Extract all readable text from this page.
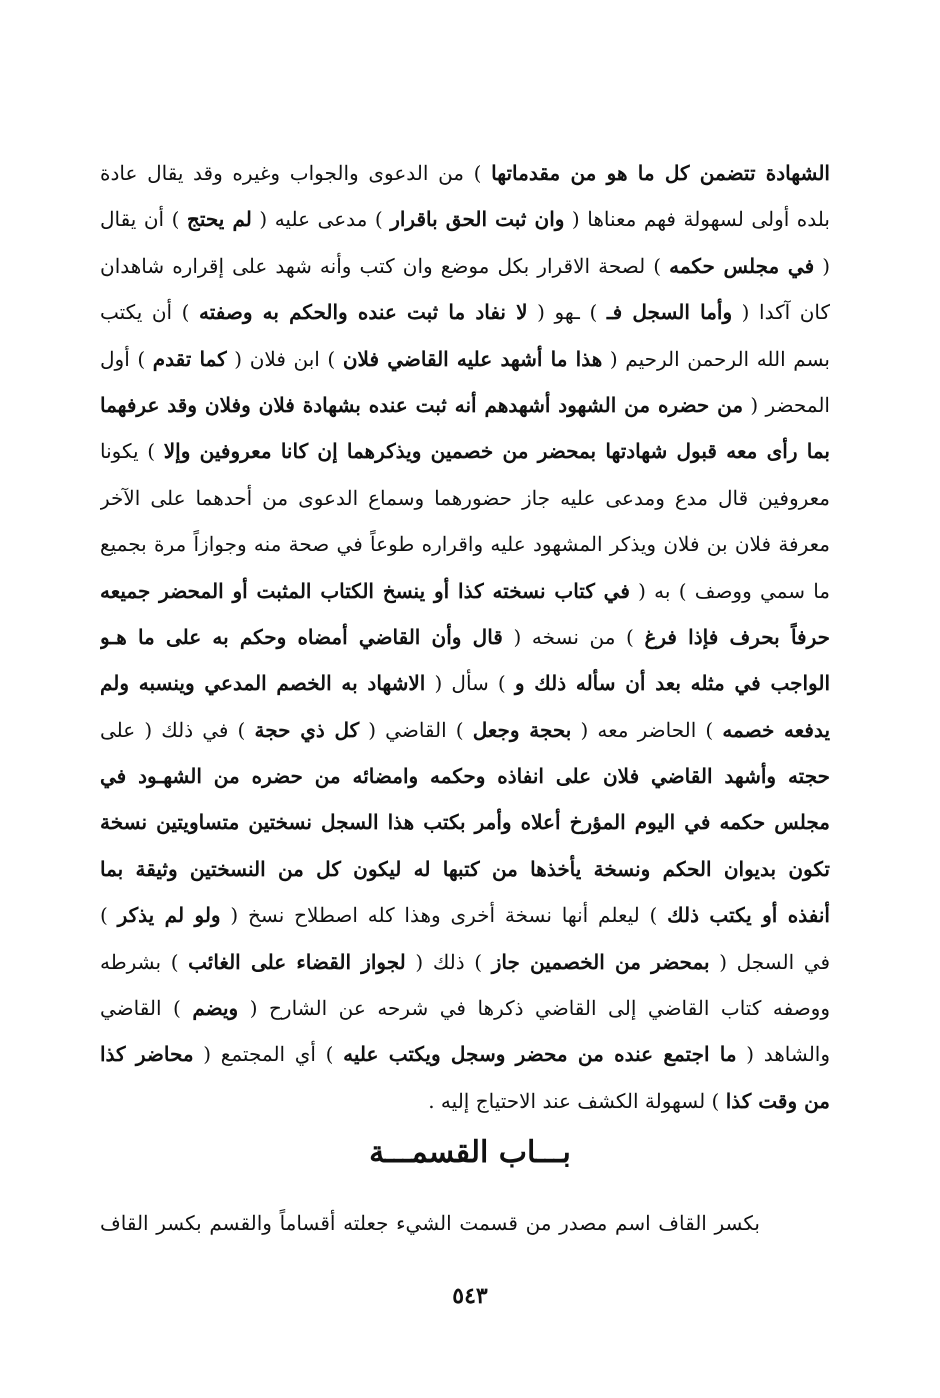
الشهادة تتضمن كل ما هو من مقدماتها ) من الدعوى والجواب وغيره وقد يقال عادة
بلده أولى لسهولة فهم معناها ( وان ثبت الحق باقرار ) مدعى عليه ( لم يحتج ) أن يقال
( في مجلس حكمه ) لصحة الاقرار بكل موضع وان كتب وأنه شهد على إقراره شاهدان
كان آكدا ( وأما السجل فـ ) ـهو ( لا نفاد ما ثبت عنده والحكم به وصفته ) أن يكتب
بسم الله الرحمن الرحيم ( هذا ما أشهد عليه القاضي فلان ) ابن فلان ( كما تقدم ) أول
المحضر ( من حضره من الشهود أشهدهم أنه ثبت عنده بشهادة فلان وفلان وقد عرفهما
بما رأى معه قبول شهادتها بمحضر من خصمين ويذكرهما إن كانا معروفين وإلا ) يكونا
معروفين قال مدع ومدعى عليه جاز حضورهما وسماع الدعوى من أحدهما على الآخر
معرفة فلان بن فلان ويذكر المشهود عليه واقراره طوعاً في صحة منه وجوازاً مرة بجميع
ما سمي ووصف ) به ( في كتاب نسخته كذا أو ينسخ الكتاب المثبت أو المحضر جميعه
حرفاً بحرف فإذا فرغ ) من نسخه ( قال وأن القاضي أمضاه وحكم به على ما هـو
الواجب في مثله بعد أن سأله ذلك و ) سأل ( الاشهاد به الخصم المدعي وينسبه ولم
يدفعه خصمه ) الحاضر معه ( بحجة وجعل ) القاضي ( كل ذي حجة ) في ذلك ( على
حجته وأشهد القاضي فلان على انفاذه وحكمه وامضائه من حضره من الشهـود في
مجلس حكمه في اليوم المؤرخ أعلاه وأمر بكتب هذا السجل نسختين متساويتين نسخة
تكون بديوان الحكم ونسخة يأخذها من كتبها له ليكون كل من النسختين وثيقة بما
أنفذه أو يكتب ذلك ) ليعلم أنها نسخة أخرى وهذا كله اصطلاح نسخ ( ولو لم يذكر )
في السجل ( بمحضر من الخصمين جاز ) ذلك ( لجواز القضاء على الغائب ) بشرطه
ووصفه كتاب القاضي إلى القاضي ذكرها في شرحه عن الشارح ( ويضم ) القاضي
والشاهد ( ما اجتمع عنده من محضر وسجل ويكتب عليه ) أي المجتمع ( محاضر كذا
من وقت كذا ) لسهولة الكشف عند الاحتياج إليه .
بـــاب القسمـــة
بكسر القاف اسم مصدر من قسمت الشيء جعلته أقساماً والقسم بكسر القاف
٥٤٣
